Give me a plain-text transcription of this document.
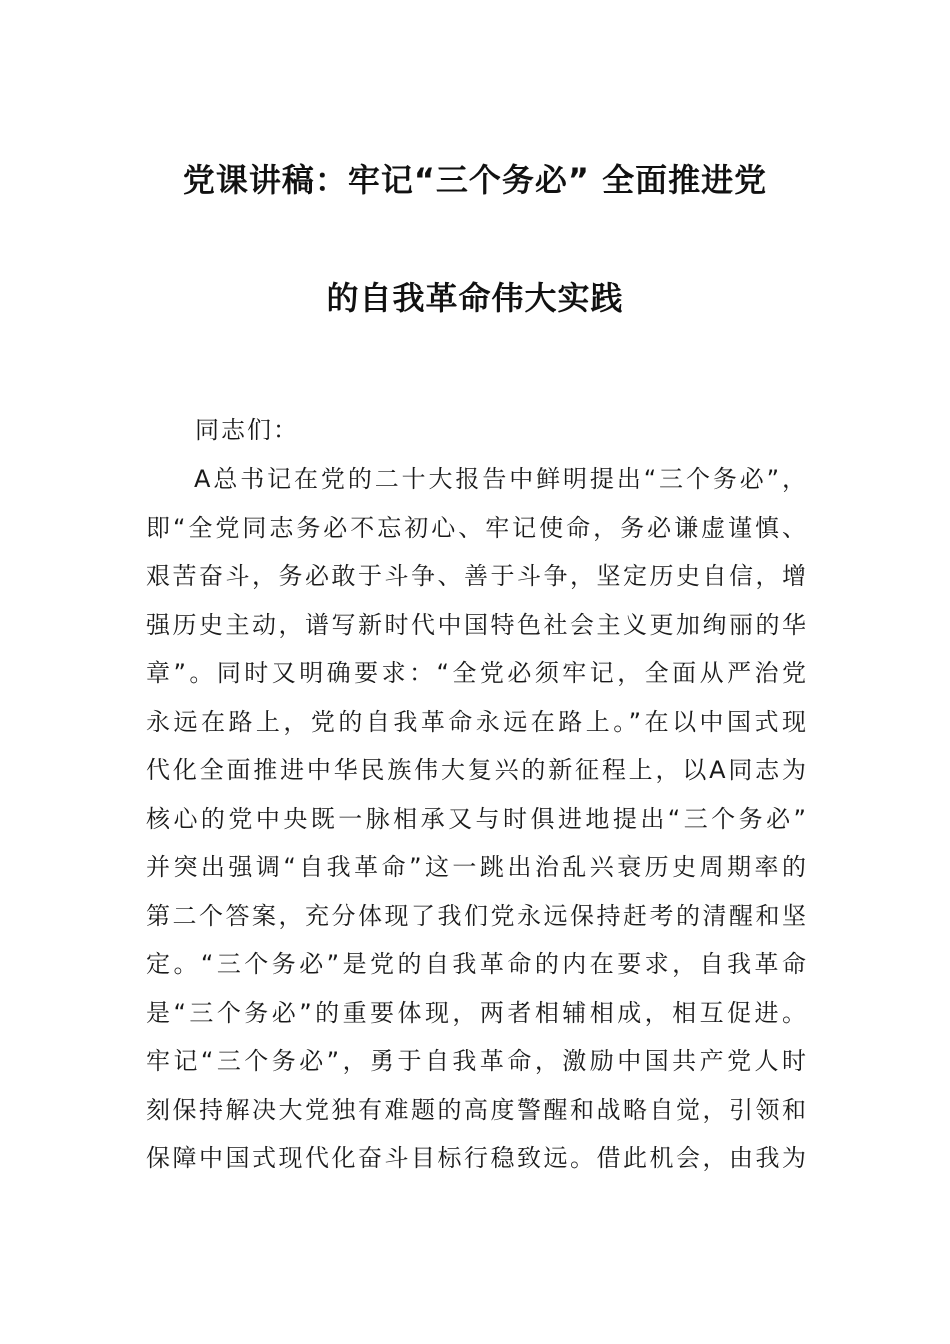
党课讲稿：牢记“三个务必” 全面推进党
的自我革命伟大实践
同志们：
A总书记在党的二十大报告中鲜明提出“三个务必”，
即“全党同志务必不忘初心、牢记使命，务必谦虚谨慎、
艰苦奋斗，务必敢于斗争、善于斗争，坚定历史自信，增
强历史主动，谱写新时代中国特色社会主义更加绚丽的华
章”。同时又明确要求：“全党必须牢记，全面从严治党
永远在路上，党的自我革命永远在路上。”在以中国式现
代化全面推进中华民族伟大复兴的新征程上，以A同志为
核心的党中央既一脉相承又与时俱进地提出“三个务必”
并突出强调“自我革命”这一跳出治乱兴衰历史周期率的
第二个答案，充分体现了我们党永远保持赶考的清醒和坚
定。“三个务必”是党的自我革命的内在要求，自我革命
是“三个务必”的重要体现，两者相辅相成，相互促进。
牢记“三个务必”，勇于自我革命，激励中国共产党人时
刻保持解决大党独有难题的高度警醒和战略自觉，引领和
保障中国式现代化奋斗目标行稳致远。借此机会，由我为
